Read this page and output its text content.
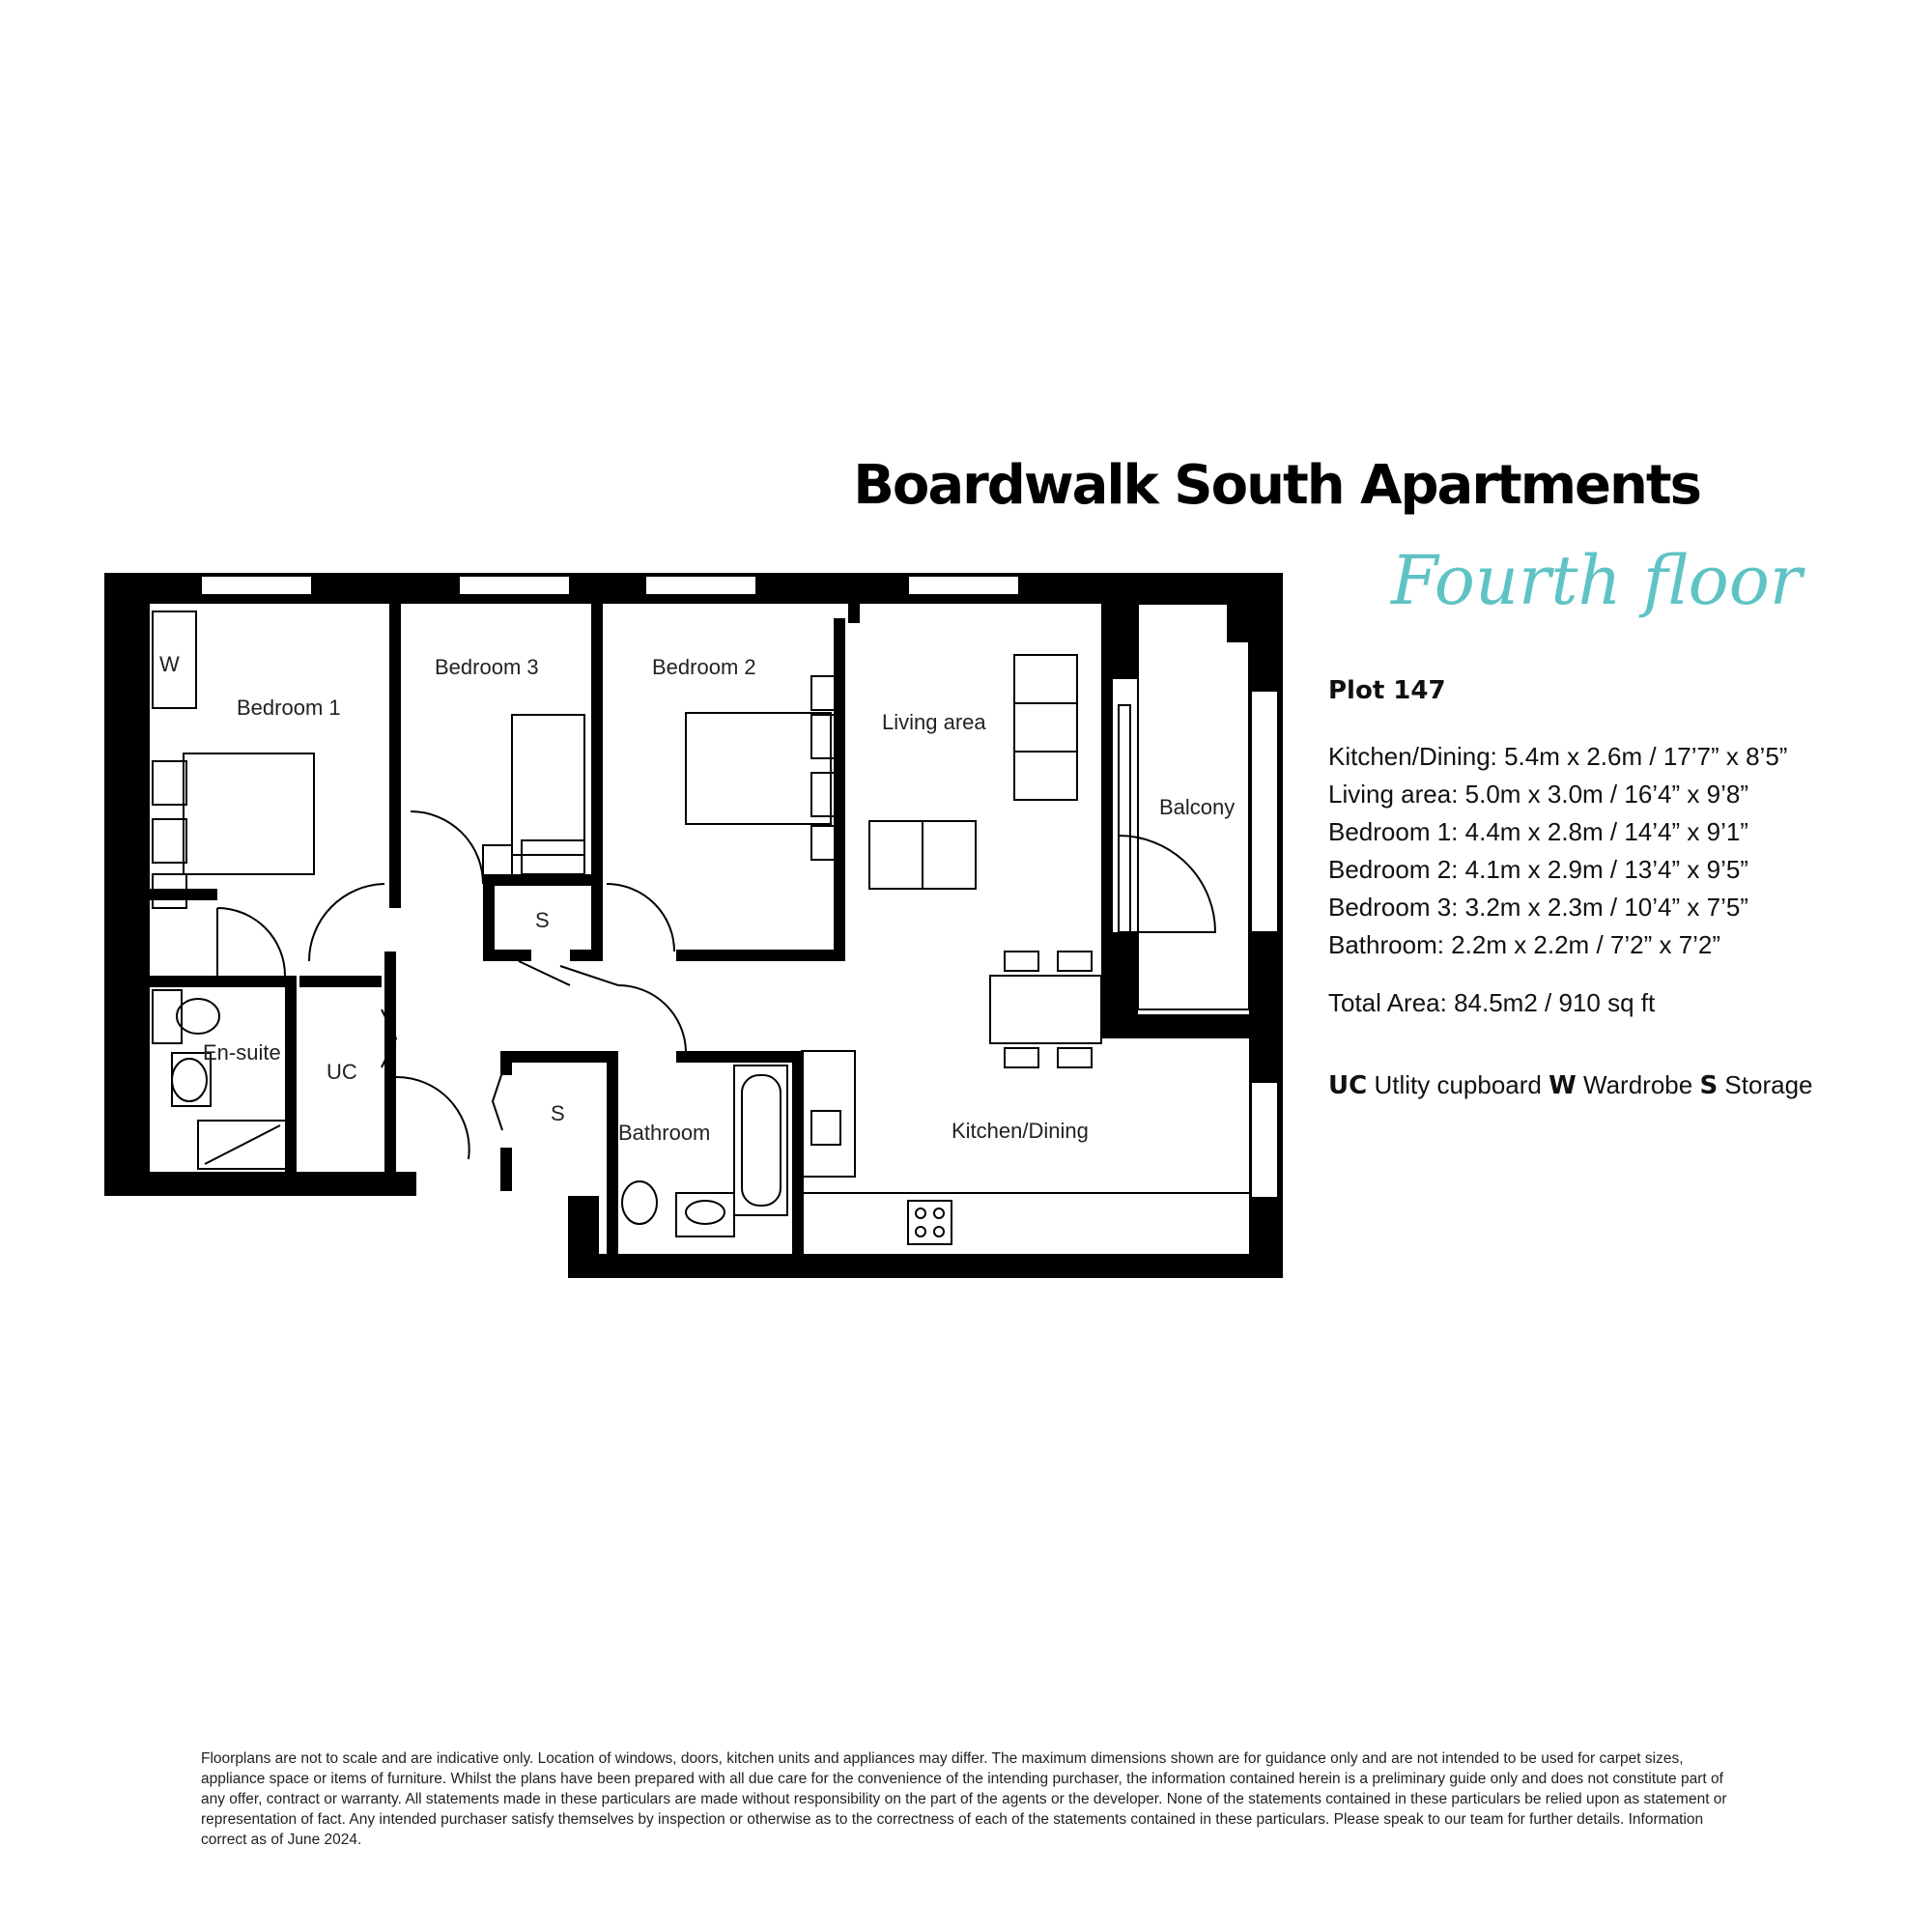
Boardwalk South Apartments
Fourth floor
W
Bedroom 1
Bedroom 3	Bedroom 2
Living area
Balcony
S
En-suite
UC
S
Bathroom	Kitchen/Dining
Plot 147
Kitchen/Dining: 5.4m x 2.6m / 17’7” x 8’5”
Living area: 5.0m x 3.0m / 16’4” x 9’8”
Bedroom 1: 4.4m x 2.8m / 14’4” x 9’1”
Bedroom 2: 4.1m x 2.9m / 13’4” x 9’5”
Bedroom 3: 3.2m x 2.3m / 10’4” x 7’5”
Bathroom: 2.2m x 2.2m / 7’2” x 7’2”
Total Area: 84.5m2 / 910 sq ft
UC Utlity cupboard W Wardrobe S Storage
Floorplans are not to scale and are indicative only. Location of windows, doors, kitchen units and appliances may differ. The maximum dimensions shown are for guidance only and are not intended to be used for carpet sizes, appliance space or items of furniture. Whilst the plans have been prepared with all due care for the convenience of the intending purchaser, the information contained herein is a preliminary guide only and does not constitute part of any offer, contract or warranty. All statements made in these particulars are made without responsibility on the part of the agents or the developer. None of the statements contained in these particulars be relied upon as statement or representation of fact. Any intended purchaser satisfy themselves by inspection or otherwise as to the correctness of each of the statements contained in these particulars. Please speak to our team for further details. Information correct as of June 2024.
